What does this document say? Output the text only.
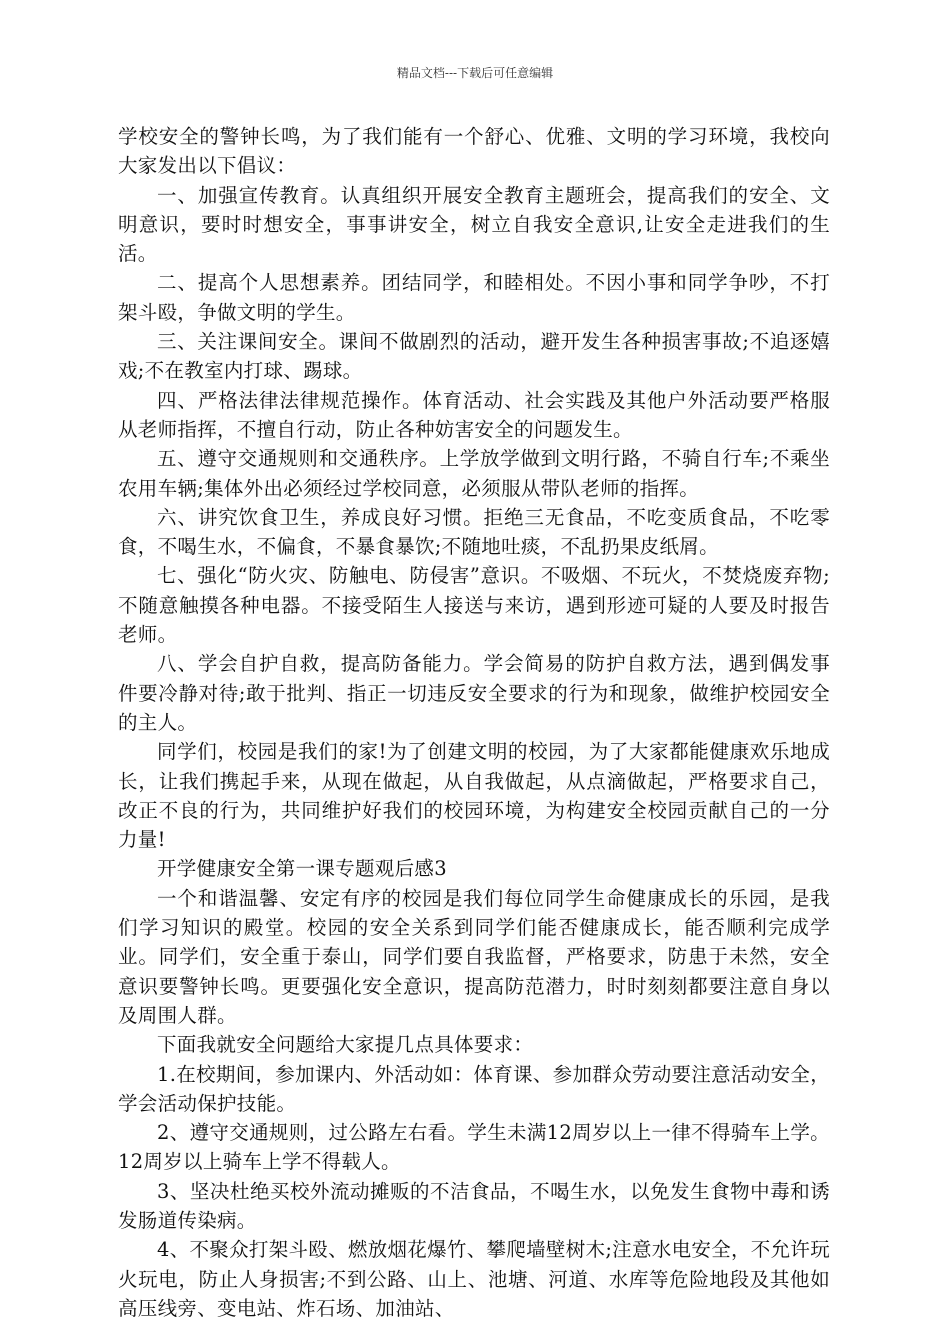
精品文档---下载后可任意编辑

学校安全的警钟长鸣，为了我们能有一个舒心、优雅、文明的学习环境，我校向大家发出以下倡议：

一、加强宣传教育。认真组织开展安全教育主题班会，提高我们的安全、文明意识，要时时想安全，事事讲安全，树立自我安全意识,让安全走进我们的生活。

二、提高个人思想素养。团结同学，和睦相处。不因小事和同学争吵，不打架斗殴，争做文明的学生。

三、关注课间安全。课间不做剧烈的活动，避开发生各种损害事故;不追逐嬉戏;不在教室内打球、踢球。

四、严格法律法律规范操作。体育活动、社会实践及其他户外活动要严格服从老师指挥，不擅自行动，防止各种妨害安全的问题发生。

五、遵守交通规则和交通秩序。上学放学做到文明行路，不骑自行车;不乘坐农用车辆;集体外出必须经过学校同意，必须服从带队老师的指挥。

六、讲究饮食卫生，养成良好习惯。拒绝三无食品，不吃变质食品，不吃零食，不喝生水，不偏食，不暴食暴饮;不随地吐痰，不乱扔果皮纸屑。

七、强化“防火灾、防触电、防侵害”意识。不吸烟、不玩火，不焚烧废弃物;不随意触摸各种电器。不接受陌生人接送与来访，遇到形迹可疑的人要及时报告老师。

八、学会自护自救，提高防备能力。学会简易的防护自救方法，遇到偶发事件要冷静对待;敢于批判、指正一切违反安全要求的行为和现象，做维护校园安全的主人。

同学们，校园是我们的家!为了创建文明的校园，为了大家都能健康欢乐地成长，让我们携起手来，从现在做起，从自我做起，从点滴做起，严格要求自己，改正不良的行为，共同维护好我们的校园环境，为构建安全校园贡献自己的一分力量!

开学健康安全第一课专题观后感3

一个和谐温馨、安定有序的校园是我们每位同学生命健康成长的乐园，是我们学习知识的殿堂。校园的安全关系到同学们能否健康成长，能否顺利完成学业。同学们，安全重于泰山，同学们要自我监督，严格要求，防患于未然，安全意识要警钟长鸣。更要强化安全意识，提高防范潜力，时时刻刻都要注意自身以及周围人群。

下面我就安全问题给大家提几点具体要求：

1.在校期间，参加课内、外活动如：体育课、参加群众劳动要注意活动安全，学会活动保护技能。

2、遵守交通规则，过公路左右看。学生未满12周岁以上一律不得骑车上学。12周岁以上骑车上学不得载人。

3、坚决杜绝买校外流动摊贩的不洁食品，不喝生水，以免发生食物中毒和诱发肠道传染病。

4、不聚众打架斗殴、燃放烟花爆竹、攀爬墙壁树木;注意水电安全，不允许玩火玩电，防止人身损害;不到公路、山上、池塘、河道、水库等危险地段及其他如高压线旁、变电站、炸石场、加油站、
